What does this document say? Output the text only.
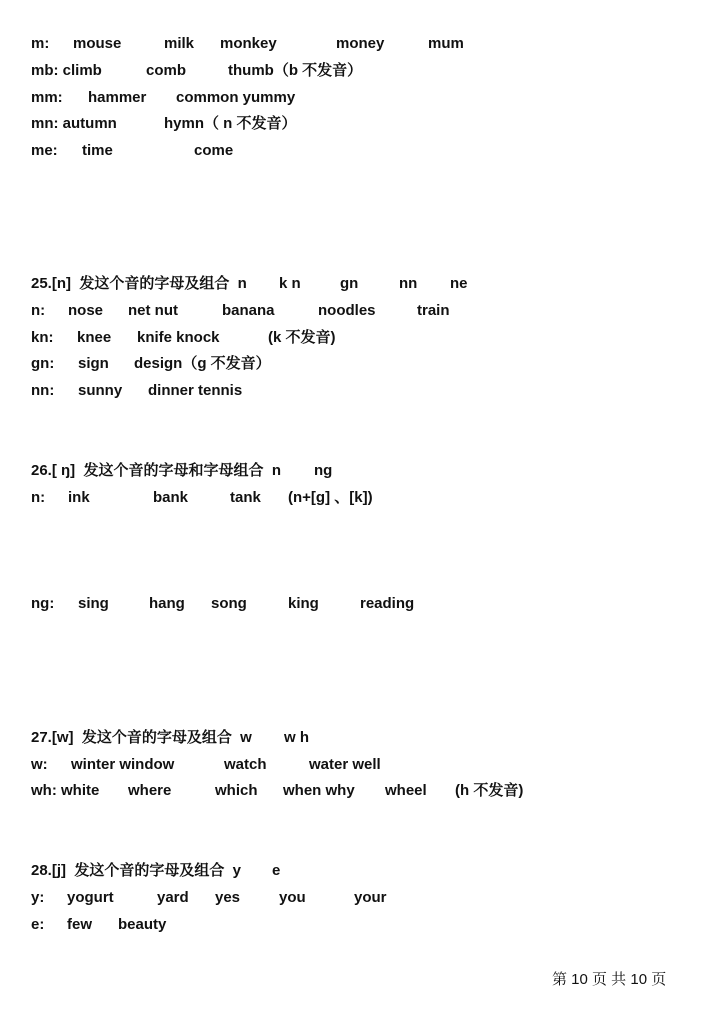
m: mouse	milk monkey	money	mum
mb: climb	comb	thumb（b 不发音）
mm: hammer common yummy
mn: autumn	hymn（ n 不发音）
me: time	come
25.[n]  发这个音的字母及组合  n k n	gn	nn ne
n: nose net nut	banana	noodles	train
kn: knee knife knock	(k 不发音)
gn: sign design（g 不发音）
nn: sunny dinner tennis
26.[ ŋ]  发这个音的字母和字母组合  n ng
n: ink	bank	tank (n+[g] 、[k])
ng: sing	hang song	king	reading
27.[w]  发这个音的字母及组合  w w h
w: winter window	watch	water well
wh: white where	which when why wheel (h 不发音)
28.[j]  发这个音的字母及组合  y e
y: yogurt	yard yes	you	your
e: few beauty
第 10 页 共 10 页
